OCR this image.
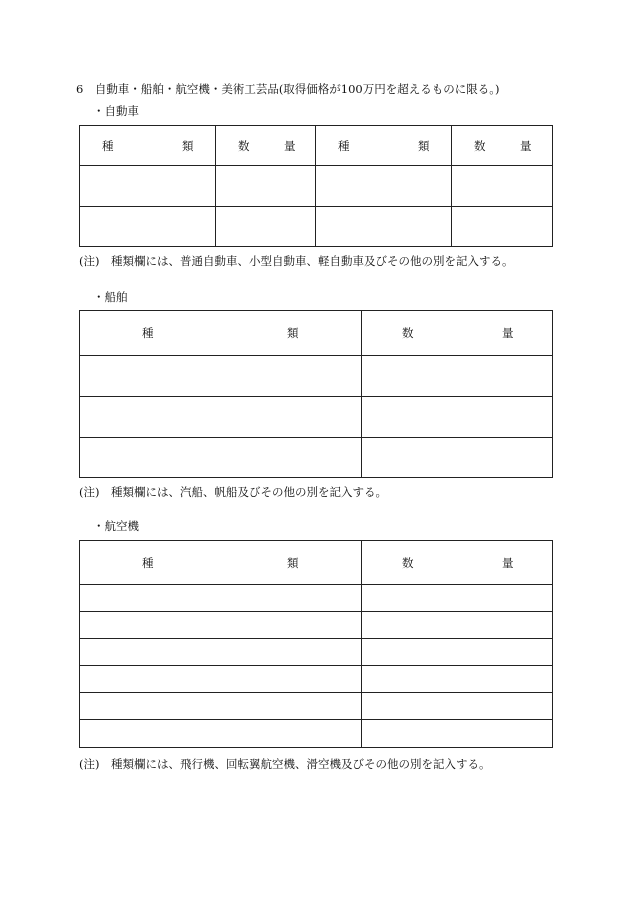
6　自動車・船舶・航空機・美術工芸品(取得価格が100万円を超えるものに限る。)
・自動車
種 類	数 量	種 類	数 量

(注)　種類欄には、普通自動車、小型自動車、軽自動車及びその他の別を記入する。
・船舶
種 類	数 量

(注)　種類欄には、汽船、帆船及びその他の別を記入する。
・航空機
種 類	数 量

(注)　種類欄には、飛行機、回転翼航空機、滑空機及びその他の別を記入する。
